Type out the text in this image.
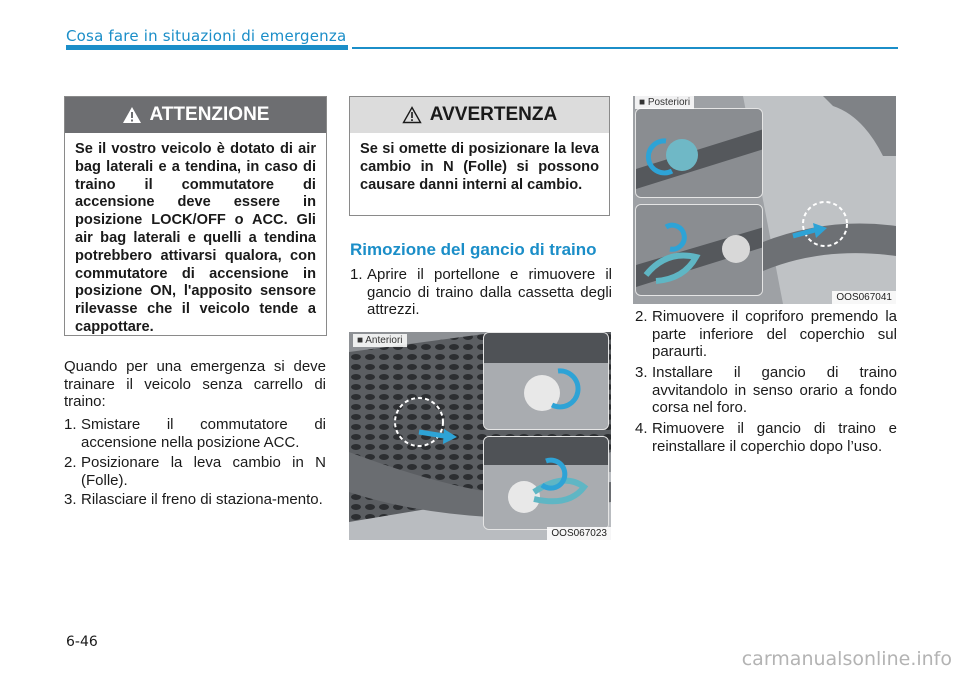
Cosa fare in situazioni di emergenza
ATTENZIONE
Se il vostro veicolo è dotato di air bag laterali e a tendina, in caso di traino il commutatore di accensione deve essere in posizione LOCK/OFF o ACC. Gli air bag laterali e quelli a tendina potrebbero attivarsi qualora, con commutatore di accensione in posizione ON, l'apposito sensore rilevasse che il veicolo tende a cappottare.
AVVERTENZA
Se si omette di posizionare la leva cambio in N (Folle) si possono causare danni interni al cambio.
Quando per una emergenza si deve trainare il veicolo senza carrello di traino:
1. Smistare il commutatore di accensione nella posizione ACC.
2. Posizionare la leva cambio in N (Folle).
3. Rilasciare il freno di staziona-mento.
Rimozione del gancio di traino
1. Aprire il portellone e rimuovere il gancio di traino dalla cassetta degli attrezzi.
■ Anteriori
OOS067023
■ Posteriori
OOS067041
2. Rimuovere il copriforo premendo la parte inferiore del coperchio sul paraurti.
3. Installare il gancio di traino avvitandolo in senso orario a fondo corsa nel foro.
4. Rimuovere il gancio di traino e reinstallare il coperchio dopo l’uso.
6-46
carmanualsonline.info
